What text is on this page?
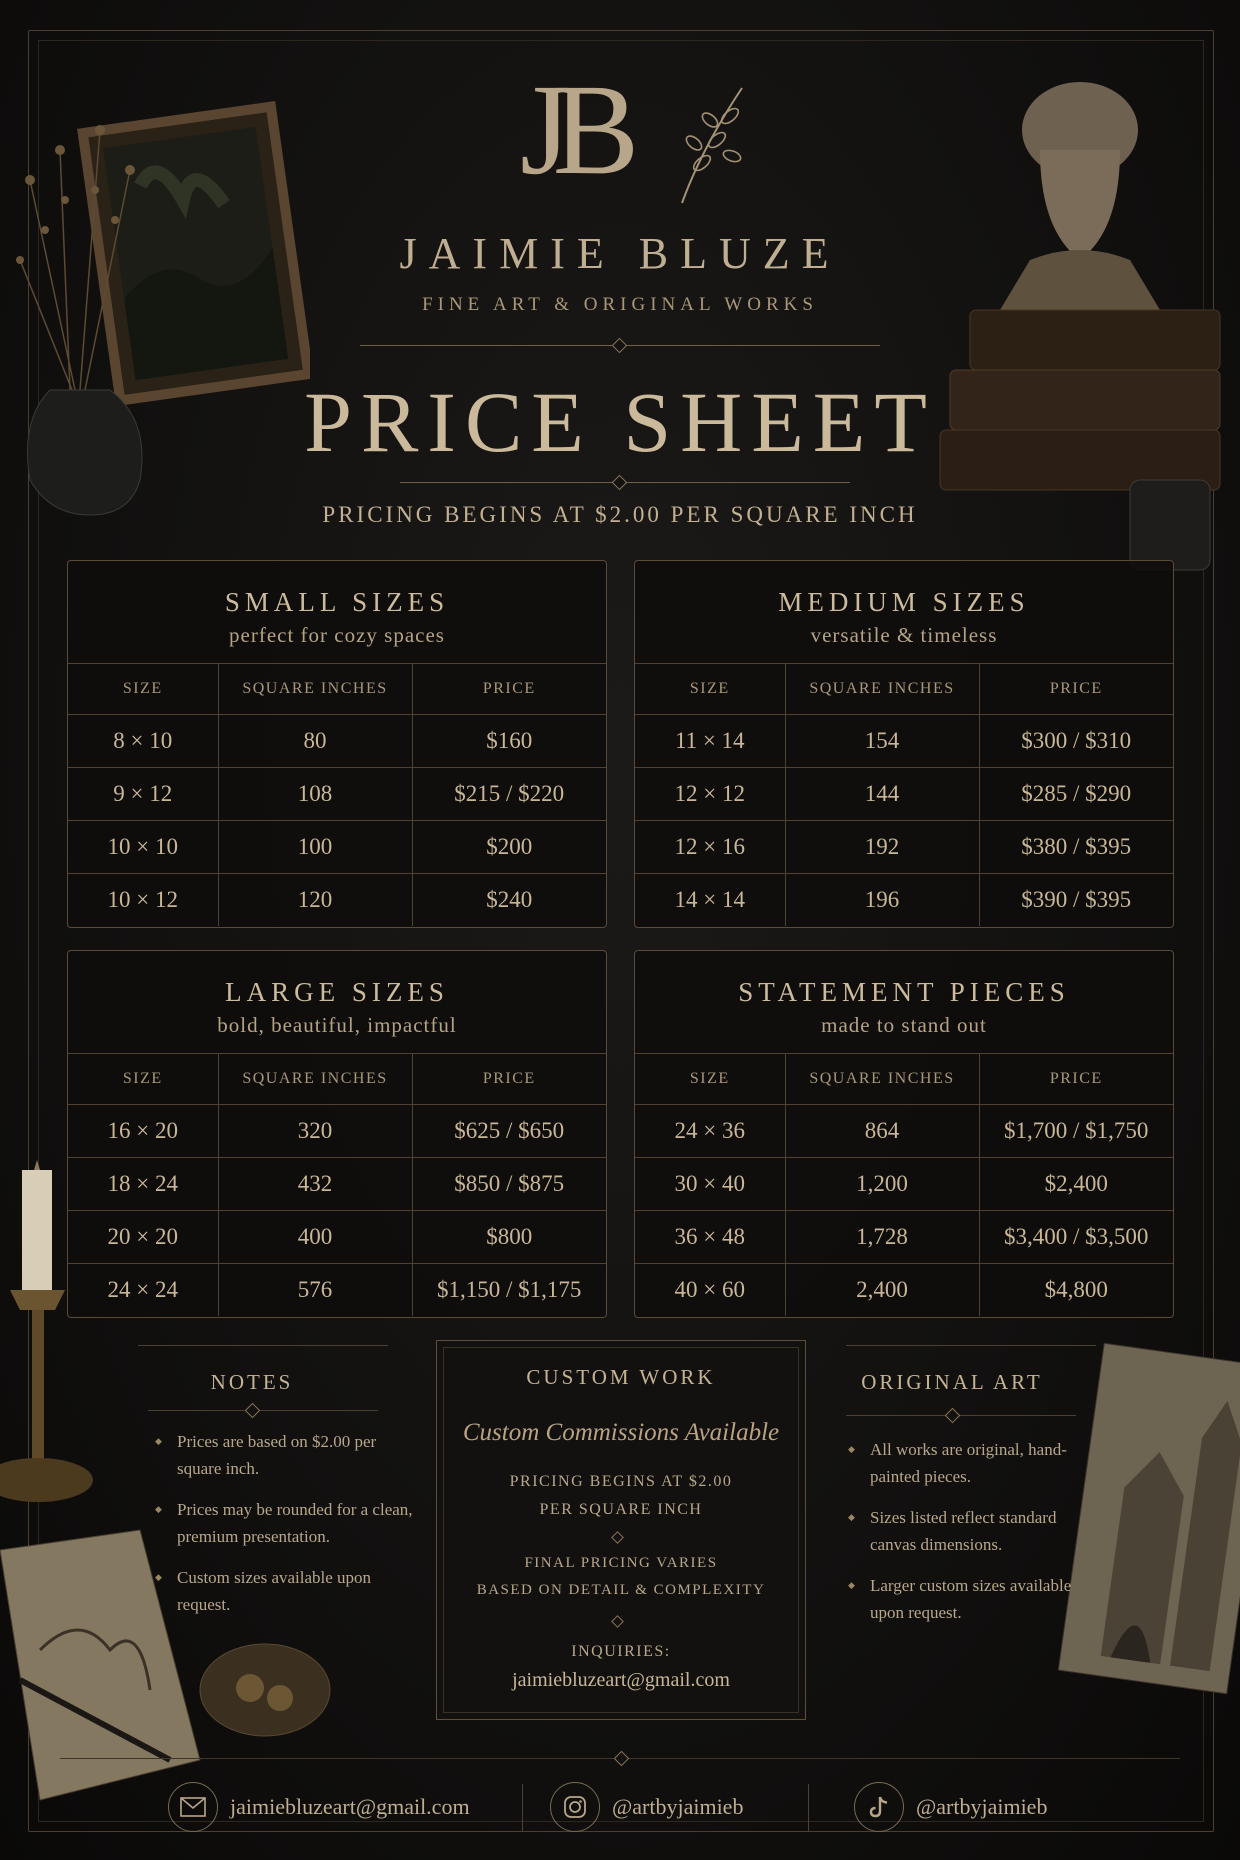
JB
JAIMIE BLUZE
FINE ART & ORIGINAL WORKS
PRICE SHEET
PRICING BEGINS AT $2.00 PER SQUARE INCH
SMALL SIZES
perfect for cozy spaces
SIZE	SQUARE INCHES	PRICE
8 × 10	80	$160
9 × 12	108	$215 / $220
10 × 10	100	$200
10 × 12	120	$240
MEDIUM SIZES
versatile & timeless
SIZE	SQUARE INCHES	PRICE
11 × 14	154	$300 / $310
12 × 12	144	$285 / $290
12 × 16	192	$380 / $395
14 × 14	196	$390 / $395
LARGE SIZES
bold, beautiful, impactful
SIZE	SQUARE INCHES	PRICE
16 × 20	320	$625 / $650
18 × 24	432	$850 / $875
20 × 20	400	$800
24 × 24	576	$1,150 / $1,175
STATEMENT PIECES
made to stand out
SIZE	SQUARE INCHES	PRICE
24 × 36	864	$1,700 / $1,750
30 × 40	1,200	$2,400
36 × 48	1,728	$3,400 / $3,500
40 × 60	2,400	$4,800
NOTES
◆ Prices are based on $2.00 per square inch.
◆ Prices may be rounded for a clean, premium presentation.
◆ Custom sizes available upon request.
CUSTOM WORK
Custom Commissions Available
PRICING BEGINS AT $2.00
PER SQUARE INCH
FINAL PRICING VARIES
BASED ON DETAIL & COMPLEXITY
INQUIRIES:
jaimiebluzeart@gmail.com
ORIGINAL ART
◆ All works are original, hand-painted pieces.
◆ Sizes listed reflect standard canvas dimensions.
◆ Larger custom sizes available upon request.
jaimiebluzeart@gmail.com	@artbyjaimieb	@artbyjaimieb
